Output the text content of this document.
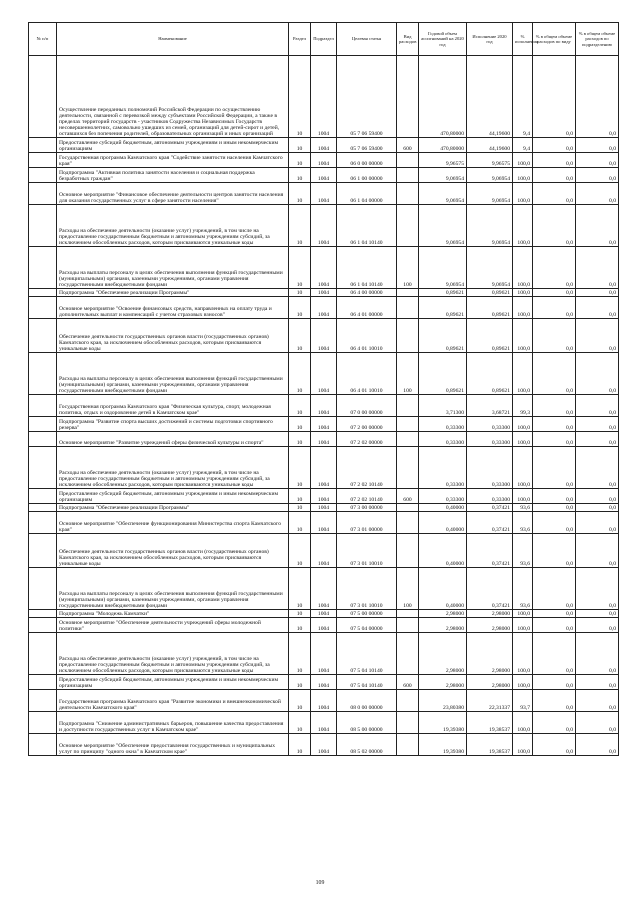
№ п/п	Наименование	Раздел	Подраздел	Целевая статья	Вид расходов	Годовой объем ассигнований на 2020 год	Исполнение 2020 год	% исполнения	% в общем объеме расходов по виду	% в общем объеме расходов по подразделению
	Осуществление переданных полномочий Российской Федерации по осуществлению деятельности, связанной с перевозкой между субъектами Российской Федерации, а также в пределах территорий государств - участников Содружества Независимых Государств несовершеннолетних, самовольно ушедших из семей, организаций для детей-сирот и детей, оставшихся без попечения родителей, образовательных организаций и иных организаций	10	1004	05 7 06 59400		470,80000	44,19600	9,4	0,0	0,0
	Предоставление субсидий бюджетным, автономным учреждениям и иным некоммерческим организациям	10	1004	05 7 06 59400	600	470,80000	44,19600	9,4	0,0	0,0
	Государственная программа Камчатского края "Содействие занятости населения Камчатского края"	10	1004	06 0 00 00000		9,96575	9,96575	100,0	0,0	0,0
	Подпрограмма "Активная политика занятости населения и социальная поддержка безработных граждан"	10	1004	06 1 00 00000		9,06954	9,06954	100,0	0,0	0,0
	Основное мероприятие "Финансовое обеспечение деятельности центров занятости населения для оказания государственных услуг в сфере занятости населения"	10	1004	06 1 04 00000		9,06954	9,06954	100,0	0,0	0,0
	Расходы на обеспечение деятельности (оказание услуг) учреждений, в том числе на предоставление государственным бюджетным и автономным учреждениям субсидий, за исключением обособленных расходов, которым присваиваются уникальные коды	10	1004	06 1 04 10140		9,06954	9,06954	100,0	0,0	0,0
	Расходы на выплаты персоналу в целях обеспечения выполнения функций государственными (муниципальными) органами, казенными учреждениями, органами управления государственными внебюджетными фондами	10	1004	06 1 04 10140	100	9,06954	9,06954	100,0	0,0	0,0
	Подпрограмма "Обеспечение реализации Программы"	10	1004	06 4 00 00000		0,89621	0,89621	100,0	0,0	0,0
	Основное мероприятие "Освоение финансовых средств, направленных на оплату труда и дополнительных выплат и компенсаций с учетом страховых взносов"	10	1004	06 4 01 00000		0,89621	0,89621	100,0	0,0	0,0
	Обеспечение деятельности государственных органов власти (государственных органов) Камчатского края, за исключением обособленных расходов, которым присваиваются уникальные коды	10	1004	06 4 01 10010		0,89621	0,89621	100,0	0,0	0,0
	Расходы на выплаты персоналу в целях обеспечения выполнения функций государственными (муниципальными) органами, казенными учреждениями, органами управления государственными внебюджетными фондами	10	1004	06 4 01 10010	100	0,89621	0,89621	100,0	0,0	0,0
	Государственная программа Камчатского края "Физическая культура, спорт, молодежная политика, отдых и оздоровление детей в Камчатском крае"	10	1004	07 0 00 00000		3,71300	3,68721	99,3	0,0	0,0
	Подпрограмма "Развитие спорта высших достижений и системы подготовки спортивного резерва"	10	1004	07 2 00 00000		0,33300	0,33300	100,0	0,0	0,0
	Основное мероприятие "Развитие учреждений сферы физической культуры и спорта"	10	1004	07 2 02 00000		0,33300	0,33300	100,0	0,0	0,0
	Расходы на обеспечение деятельности (оказание услуг) учреждений, в том числе на предоставление государственным бюджетным и автономным учреждениям субсидий, за исключением обособленных расходов, которым присваиваются уникальные коды	10	1004	07 2 02 10140		0,33300	0,33300	100,0	0,0	0,0
	Предоставление субсидий бюджетным, автономным учреждениям и иным некоммерческим организациям	10	1004	07 2 02 10140	600	0,33300	0,33300	100,0	0,0	0,0
	Подпрограмма "Обеспечение реализации Программы"	10	1004	07 3 00 00000		0,40000	0,37421	93,6	0,0	0,0
	Основное мероприятие "Обеспечение функционирования Министерства спорта Камчатского края"	10	1004	07 3 01 00000		0,40000	0,37421	93,6	0,0	0,0
	Обеспечение деятельности государственных органов власти (государственных органов) Камчатского края, за исключением обособленных расходов, которым присваиваются уникальные коды	10	1004	07 3 01 10010		0,40000	0,37421	93,6	0,0	0,0
	Расходы на выплаты персоналу в целях обеспечения выполнения функций государственными (муниципальными) органами, казенными учреждениями, органами управления государственными внебюджетными фондами	10	1004	07 3 01 10010	100	0,40000	0,37421	93,6	0,0	0,0
	Подпрограмма "Молодежь Камчатки"	10	1004	07 5 00 00000		2,98000	2,98000	100,0	0,0	0,0
	Основное мероприятие "Обеспечение деятельности учреждений сферы молодежной политики"	10	1004	07 5 04 00000		2,98000	2,98000	100,0	0,0	0,0
	Расходы на обеспечение деятельности (оказание услуг) учреждений, в том числе на предоставление государственным бюджетным и автономным учреждениям субсидий, за исключением обособленных расходов, которым присваиваются уникальные коды	10	1004	07 5 04 10140		2,98000	2,98000	100,0	0,0	0,0
	Предоставление субсидий бюджетным, автономным учреждениям и иным некоммерческим организациям	10	1004	07 5 04 10140	600	2,98000	2,98000	100,0	0,0	0,0
	Государственная программа Камчатского края "Развитие экономики и внешнеэкономической деятельности Камчатского края"	10	1004	08 0 00 00000		23,80380	22,31337	93,7	0,0	0,0
	Подпрограмма "Снижение административных барьеров, повышение качества предоставления и доступности государственных услуг в Камчатском крае"	10	1004	08 5 00 00000		19,39380	19,38537	100,0	0,0	0,0
	Основное мероприятие "Обеспечение предоставления государственных и муниципальных услуг по принципу "одного окна" в Камчатском крае"	10	1004	08 5 02 00000		19,39380	19,38537	100,0	0,0	0,0
109
